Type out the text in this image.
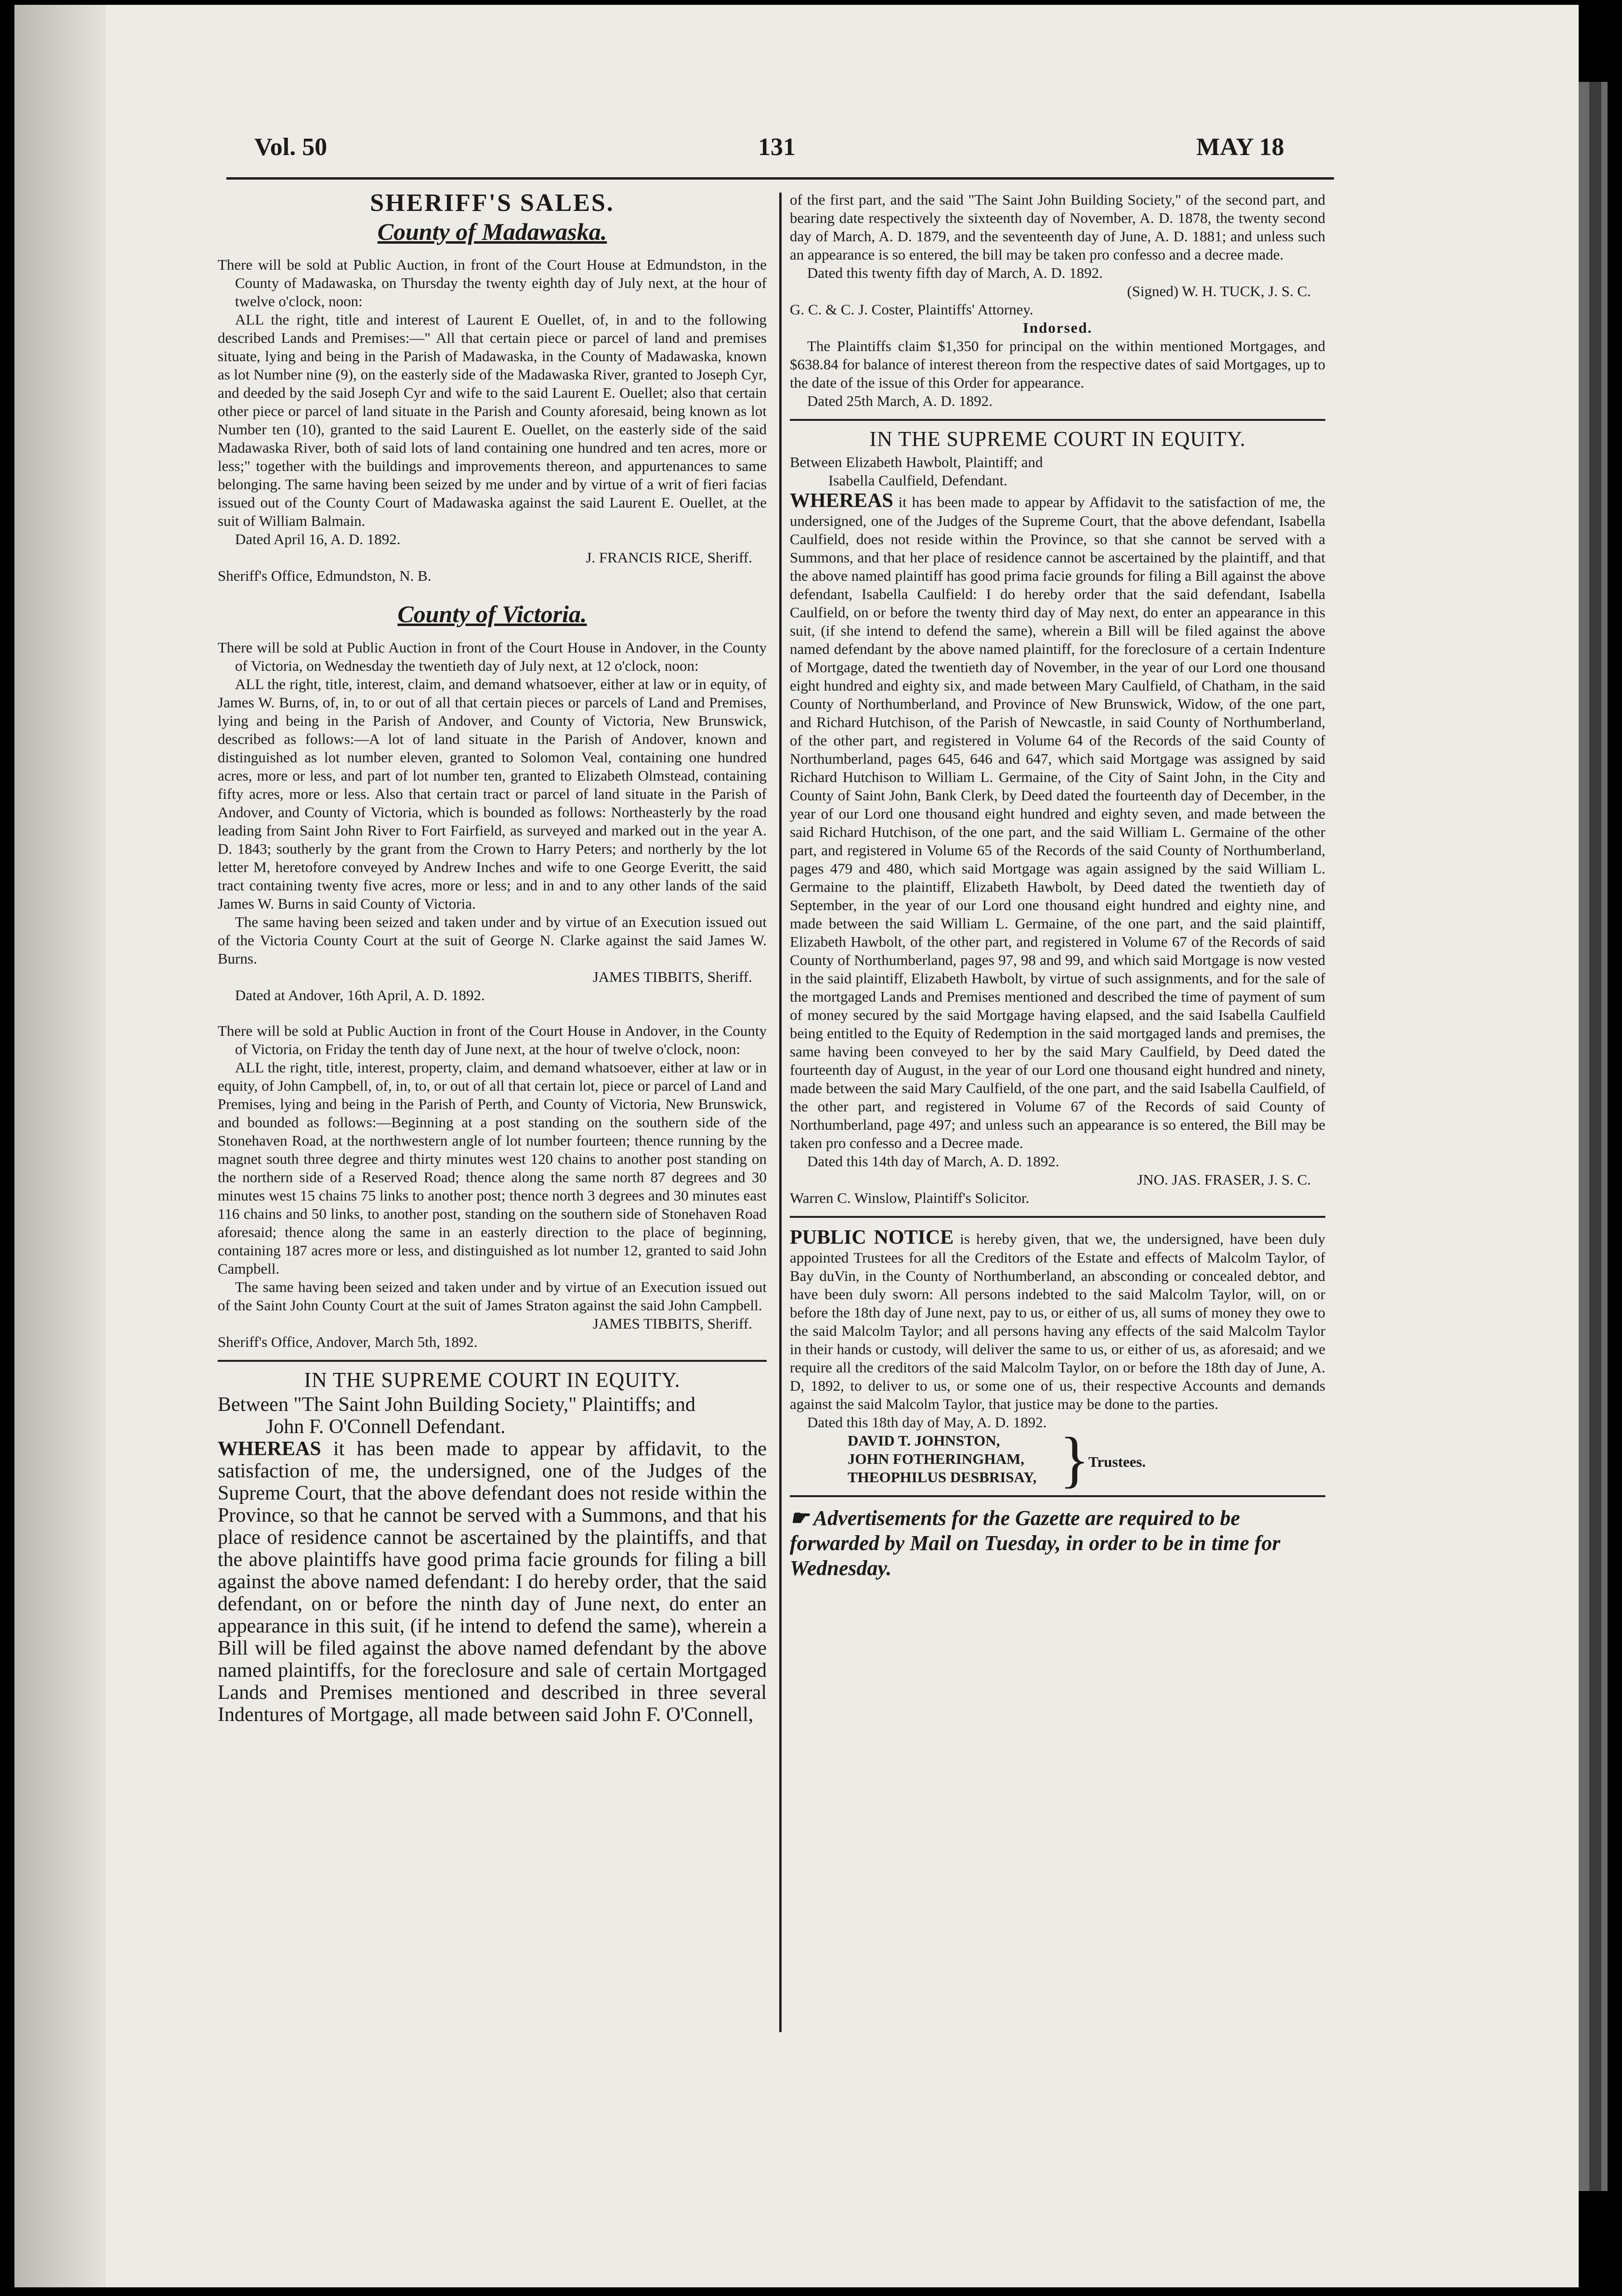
Vol. 50	131	MAY 18

SHERIFF'S SALES.

County of Madawaska.

There will be sold at Public Auction, in front of the Court House at Edmundston, in the County of Madawaska, on Thursday the twenty eighth day of July next, at the hour of twelve o'clock, noon:

ALL the right, title and interest of Laurent E Ouellet, of, in and to the following described Lands and Premises:—" All that certain piece or parcel of land and premises situate, lying and being in the Parish of Madawaska, in the County of Madawaska, known as lot Number nine (9), on the easterly side of the Madawaska River, granted to Joseph Cyr, and deeded by the said Joseph Cyr and wife to the said Laurent E. Ouellet; also that certain other piece or parcel of land situate in the Parish and County aforesaid, being known as lot Number ten (10), granted to the said Laurent E. Ouellet, on the easterly side of the said Madawaska River, both of said lots of land containing one hundred and ten acres, more or less;" together with the buildings and improvements thereon, and appurtenances to same belonging. The same having been seized by me under and by virtue of a writ of fieri facias issued out of the County Court of Madawaska against the said Laurent E. Ouellet, at the suit of William Balmain.

Dated April 16, A. D. 1892.

J. FRANCIS RICE, Sheriff.

Sheriff's Office, Edmundston, N. B.

County of Victoria.

There will be sold at Public Auction in front of the Court House in Andover, in the County of Victoria, on Wednesday the twentieth day of July next, at 12 o'clock, noon:

ALL the right, title, interest, claim, and demand whatsoever, either at law or in equity, of James W. Burns, of, in, to or out of all that certain pieces or parcels of Land and Premises, lying and being in the Parish of Andover, and County of Victoria, New Brunswick, described as follows:—A lot of land situate in the Parish of Andover, known and distinguished as lot number eleven, granted to Solomon Veal, containing one hundred acres, more or less, and part of lot number ten, granted to Elizabeth Olmstead, containing fifty acres, more or less. Also that certain tract or parcel of land situate in the Parish of Andover, and County of Victoria, which is bounded as follows: Northeasterly by the road leading from Saint John River to Fort Fairfield, as surveyed and marked out in the year A. D. 1843; southerly by the grant from the Crown to Harry Peters; and northerly by the lot letter M, heretofore conveyed by Andrew Inches and wife to one George Everitt, the said tract containing twenty five acres, more or less; and in and to any other lands of the said James W. Burns in said County of Victoria.

The same having been seized and taken under and by virtue of an Execution issued out of the Victoria County Court at the suit of George N. Clarke against the said James W. Burns.

JAMES TIBBITS, Sheriff.

Dated at Andover, 16th April, A. D. 1892.

There will be sold at Public Auction in front of the Court House in Andover, in the County of Victoria, on Friday the tenth day of June next, at the hour of twelve o'clock, noon:

ALL the right, title, interest, property, claim, and demand whatsoever, either at law or in equity, of John Campbell, of, in, to, or out of all that certain lot, piece or parcel of Land and Premises, lying and being in the Parish of Perth, and County of Victoria, New Brunswick, and bounded as follows:—Beginning at a post standing on the southern side of the Stonehaven Road, at the northwestern angle of lot number fourteen; thence running by the magnet south three degree and thirty minutes west 120 chains to another post standing on the northern side of a Reserved Road; thence along the same north 87 degrees and 30 minutes west 15 chains 75 links to another post; thence north 3 degrees and 30 minutes east 116 chains and 50 links, to another post, standing on the southern side of Stonehaven Road aforesaid; thence along the same in an easterly direction to the place of beginning, containing 187 acres more or less, and distinguished as lot number 12, granted to said John Campbell.

The same having been seized and taken under and by virtue of an Execution issued out of the Saint John County Court at the suit of James Straton against the said John Campbell.

JAMES TIBBITS, Sheriff.

Sheriff's Office, Andover, March 5th, 1892.

IN THE SUPREME COURT IN EQUITY.

Between "The Saint John Building Society," Plaintiffs; and

John F. O'Connell Defendant.

WHEREAS it has been made to appear by affidavit, to the satisfaction of me, the undersigned, one of the Judges of the Supreme Court, that the above defendant does not reside within the Province, so that he cannot be served with a Summons, and that his place of residence cannot be ascertained by the plaintiffs, and that the above plaintiffs have good prima facie grounds for filing a bill against the above named defendant: I do hereby order, that the said defendant, on or before the ninth day of June next, do enter an appearance in this suit, (if he intend to defend the same), wherein a Bill will be filed against the above named defendant by the above named plaintiffs, for the foreclosure and sale of certain Mortgaged Lands and Premises mentioned and described in three several Indentures of Mortgage, all made between said John F. O'Connell,

of the first part, and the said "The Saint John Building Society," of the second part, and bearing date respectively the sixteenth day of November, A. D. 1878, the twenty second day of March, A. D. 1879, and the seventeenth day of June, A. D. 1881; and unless such an appearance is so entered, the bill may be taken pro confesso and a decree made.

Dated this twenty fifth day of March, A. D. 1892.

(Signed) W. H. TUCK, J. S. C.

G. C. & C. J. Coster, Plaintiffs' Attorney.

Indorsed.

The Plaintiffs claim $1,350 for principal on the within mentioned Mortgages, and $638.84 for balance of interest thereon from the respective dates of said Mortgages, up to the date of the issue of this Order for appearance.

Dated 25th March, A. D. 1892.

IN THE SUPREME COURT IN EQUITY.

Between Elizabeth Hawbolt, Plaintiff; and

Isabella Caulfield, Defendant.

WHEREAS it has been made to appear by Affidavit to the satisfaction of me, the undersigned, one of the Judges of the Supreme Court, that the above defendant, Isabella Caulfield, does not reside within the Province, so that she cannot be served with a Summons, and that her place of residence cannot be ascertained by the plaintiff, and that the above named plaintiff has good prima facie grounds for filing a Bill against the above defendant, Isabella Caulfield: I do hereby order that the said defendant, Isabella Caulfield, on or before the twenty third day of May next, do enter an appearance in this suit, (if she intend to defend the same), wherein a Bill will be filed against the above named defendant by the above named plaintiff, for the foreclosure of a certain Indenture of Mortgage, dated the twentieth day of November, in the year of our Lord one thousand eight hundred and eighty six, and made between Mary Caulfield, of Chatham, in the said County of Northumberland, and Province of New Brunswick, Widow, of the one part, and Richard Hutchison, of the Parish of Newcastle, in said County of Northumberland, of the other part, and registered in Volume 64 of the Records of the said County of Northumberland, pages 645, 646 and 647, which said Mortgage was assigned by said Richard Hutchison to William L. Germaine, of the City of Saint John, in the City and County of Saint John, Bank Clerk, by Deed dated the fourteenth day of December, in the year of our Lord one thousand eight hundred and eighty seven, and made between the said Richard Hutchison, of the one part, and the said William L. Germaine of the other part, and registered in Volume 65 of the Records of the said County of Northumberland, pages 479 and 480, which said Mortgage was again assigned by the said William L. Germaine to the plaintiff, Elizabeth Hawbolt, by Deed dated the twentieth day of September, in the year of our Lord one thousand eight hundred and eighty nine, and made between the said William L. Germaine, of the one part, and the said plaintiff, Elizabeth Hawbolt, of the other part, and registered in Volume 67 of the Records of said County of Northumberland, pages 97, 98 and 99, and which said Mortgage is now vested in the said plaintiff, Elizabeth Hawbolt, by virtue of such assignments, and for the sale of the mortgaged Lands and Premises mentioned and described the time of payment of sum of money secured by the said Mortgage having elapsed, and the said Isabella Caulfield being entitled to the Equity of Redemption in the said mortgaged lands and premises, the same having been conveyed to her by the said Mary Caulfield, by Deed dated the fourteenth day of August, in the year of our Lord one thousand eight hundred and ninety, made between the said Mary Caulfield, of the one part, and the said Isabella Caulfield, of the other part, and registered in Volume 67 of the Records of said County of Northumberland, page 497; and unless such an appearance is so entered, the Bill may be taken pro confesso and a Decree made.

Dated this 14th day of March, A. D. 1892.

JNO. JAS. FRASER, J. S. C.

Warren C. Winslow, Plaintiff's Solicitor.

PUBLIC NOTICE is hereby given, that we, the undersigned, have been duly appointed Trustees for all the Creditors of the Estate and effects of Malcolm Taylor, of Bay duVin, in the County of Northumberland, an absconding or concealed debtor, and have been duly sworn: All persons indebted to the said Malcolm Taylor, will, on or before the 18th day of June next, pay to us, or either of us, all sums of money they owe to the said Malcolm Taylor; and all persons having any effects of the said Malcolm Taylor in their hands or custody, will deliver the same to us, or either of us, as aforesaid; and we require all the creditors of the said Malcolm Taylor, on or before the 18th day of June, A. D, 1892, to deliver to us, or some one of us, their respective Accounts and demands against the said Malcolm Taylor, that justice may be done to the parties.

Dated this 18th day of May, A. D. 1892.

DAVID T. JOHNSTON,
JOHN FOTHERINGHAM,
THEOPHILUS DESBRISAY, }
Trustees.

☛ Advertisements for the Gazette are required to be forwarded by Mail on Tuesday, in order to be in time for Wednesday.
